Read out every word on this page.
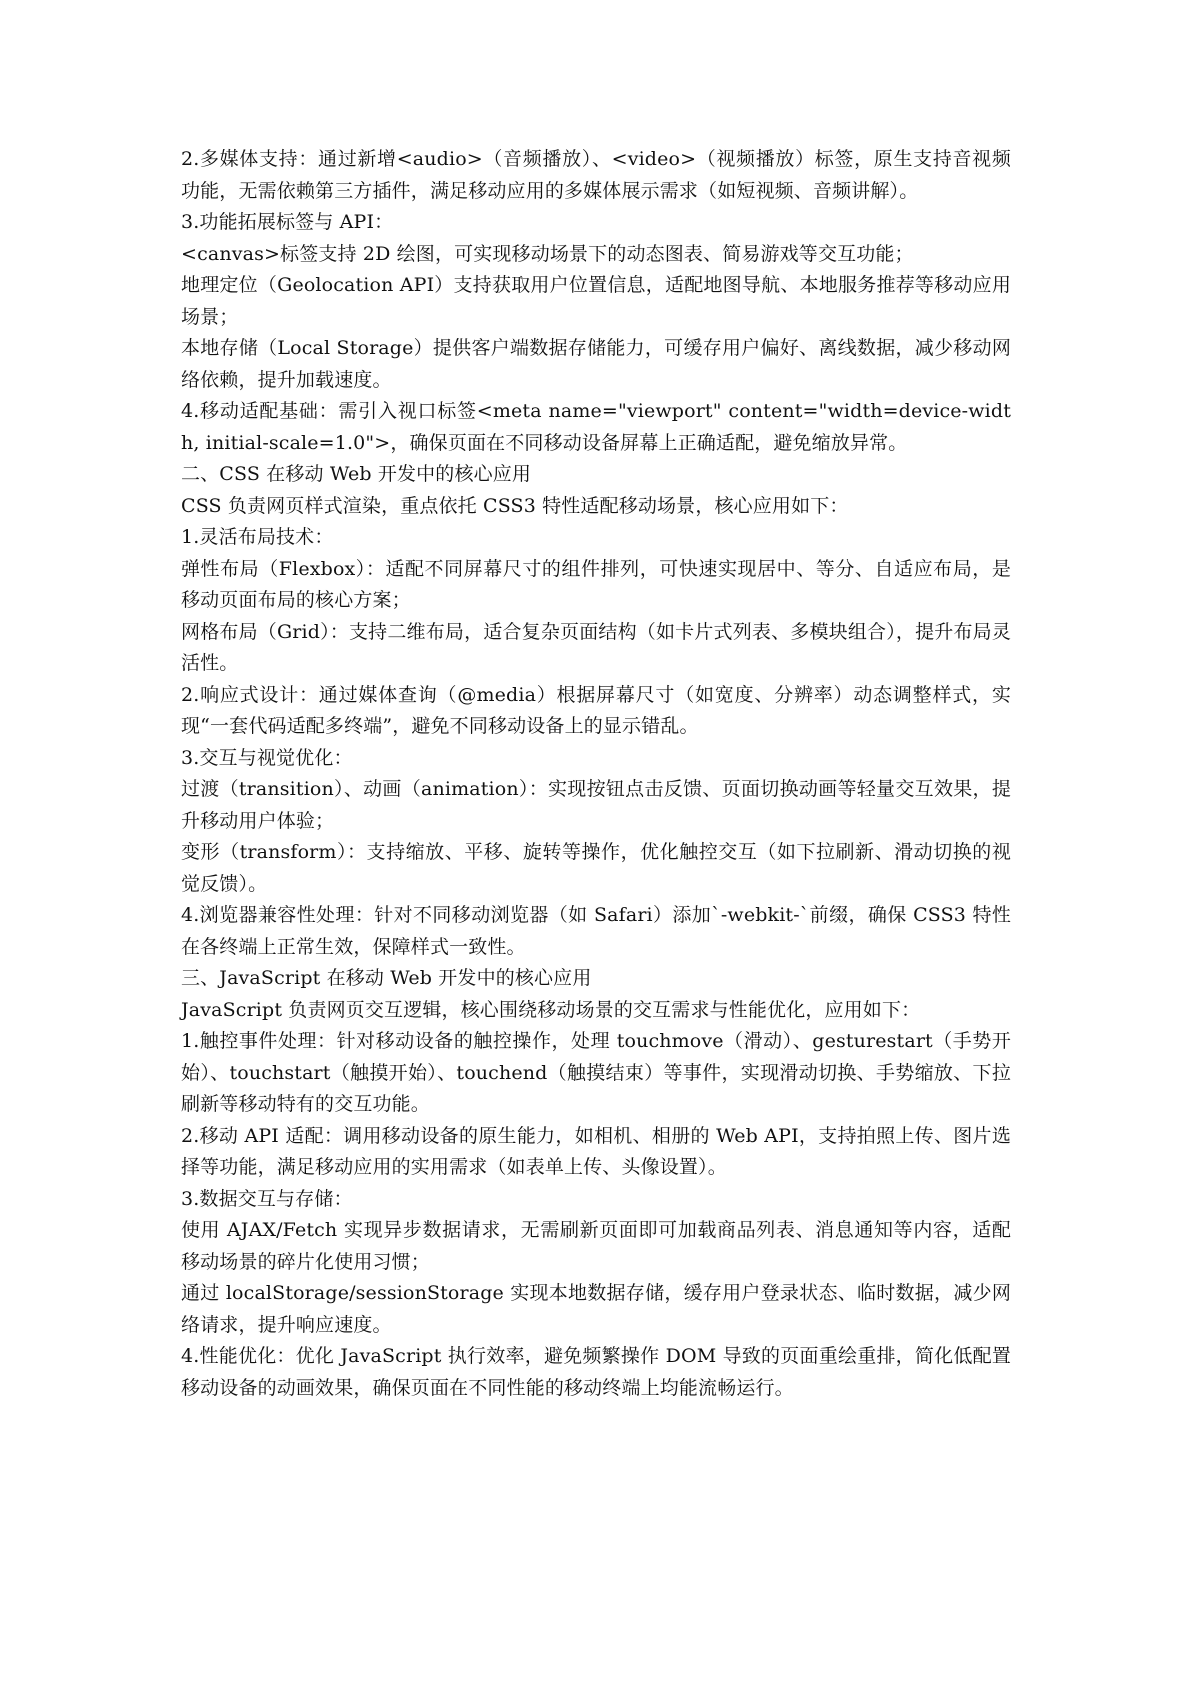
2.多媒体支持：通过新增<audio>（音频播放）、<video>（视频播放）标签，原生支持音视频功能，无需依赖第三方插件，满足移动应用的多媒体展示需求（如短视频、音频讲解）。

3.功能拓展标签与 API：

<canvas>标签支持 2D 绘图，可实现移动场景下的动态图表、简易游戏等交互功能；

地理定位（Geolocation API）支持获取用户位置信息，适配地图导航、本地服务推荐等移动应用场景；

本地存储（Local Storage）提供客户端数据存储能力，可缓存用户偏好、离线数据，减少移动网络依赖，提升加载速度。

4.移动适配基础：需引入视口标签<meta name="viewport" content="width=device-width, initial-scale=1.0">，确保页面在不同移动设备屏幕上正确适配，避免缩放异常。

二、CSS 在移动 Web 开发中的核心应用

CSS 负责网页样式渲染，重点依托 CSS3 特性适配移动场景，核心应用如下：

1.灵活布局技术：

弹性布局（Flexbox）：适配不同屏幕尺寸的组件排列，可快速实现居中、等分、自适应布局，是移动页面布局的核心方案；

网格布局（Grid）：支持二维布局，适合复杂页面结构（如卡片式列表、多模块组合），提升布局灵活性。

2.响应式设计：通过媒体查询（@media）根据屏幕尺寸（如宽度、分辨率）动态调整样式，实现“一套代码适配多终端”，避免不同移动设备上的显示错乱。

3.交互与视觉优化：

过渡（transition）、动画（animation）：实现按钮点击反馈、页面切换动画等轻量交互效果，提升移动用户体验；

变形（transform）：支持缩放、平移、旋转等操作，优化触控交互（如下拉刷新、滑动切换的视觉反馈）。

4.浏览器兼容性处理：针对不同移动浏览器（如 Safari）添加`-webkit-`前缀，确保 CSS3 特性在各终端上正常生效，保障样式一致性。

三、JavaScript 在移动 Web 开发中的核心应用

JavaScript 负责网页交互逻辑，核心围绕移动场景的交互需求与性能优化，应用如下：

1.触控事件处理：针对移动设备的触控操作，处理 touchmove（滑动）、gesturestart（手势开始）、touchstart（触摸开始）、touchend（触摸结束）等事件，实现滑动切换、手势缩放、下拉刷新等移动特有的交互功能。

2.移动 API 适配：调用移动设备的原生能力，如相机、相册的 Web API，支持拍照上传、图片选择等功能，满足移动应用的实用需求（如表单上传、头像设置）。

3.数据交互与存储：

使用 AJAX/Fetch 实现异步数据请求，无需刷新页面即可加载商品列表、消息通知等内容，适配移动场景的碎片化使用习惯；

通过 localStorage/sessionStorage 实现本地数据存储，缓存用户登录状态、临时数据，减少网络请求，提升响应速度。

4.性能优化：优化 JavaScript 执行效率，避免频繁操作 DOM 导致的页面重绘重排，简化低配置移动设备的动画效果，确保页面在不同性能的移动终端上均能流畅运行。
